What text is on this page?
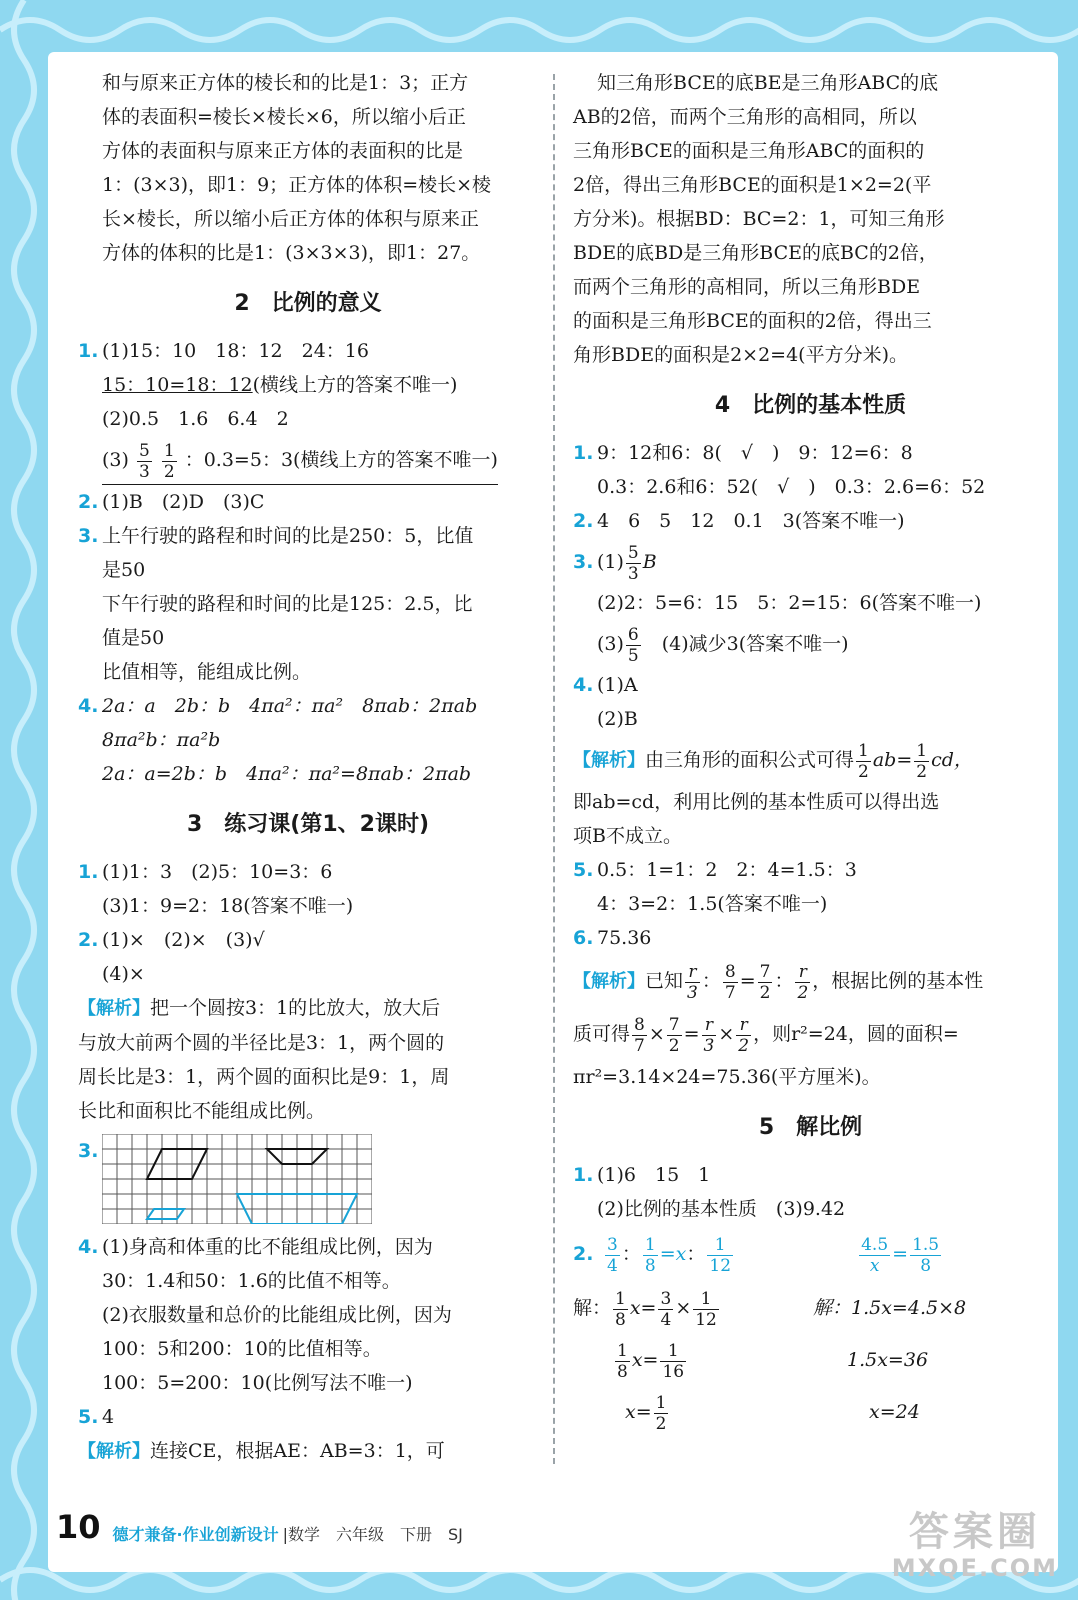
和与原来正方体的棱长和的比是1：3；正方
体的表面积=棱长×棱长×6，所以缩小后正
方体的表面积与原来正方体的表面积的比是
1：(3×3)，即1：9；正方体的体积=棱长×棱
长×棱长，所以缩小后正方体的体积与原来正
方体的体积的比是1：(3×3×3)，即1：27。
2　比例的意义
1. (1)15：10　18：12　24：16
15：10=18：12(横线上方的答案不唯一)
(2)0.5　1.6　6.4　2
$(3) \frac{5}{3}$
$\frac{1}{2}$ ：0.3=5：3(横线上方的答案不唯一)
2. (1)B　(2)D　(3)C
3. 上午行驶的路程和时间的比是250：5，比值
是50
下午行驶的路程和时间的比是125：2.5，比
值是50
比值相等，能组成比例。
4. 2a：a　2b：b　4πa²：πa²　8πab：2πab
8πa²b：πa²b
2a：a=2b：b　4πa²：πa²=8πab：2πab
3　练习课(第1、2课时)
1. (1)1：3　(2)5：10=3：6
(3)1：9=2：18(答案不唯一)
2. (1)×　(2)×　(3)√
(4)×
【解析】把一个圆按3：1的比放大，放大后
与放大前两个圆的半径比是3：1，两个圆的
周长比是3：1，两个圆的面积比是9：1，周
长比和面积比不能组成比例。
3.
4. (1)身高和体重的比不能组成比例，因为
30：1.4和50：1.6的比值不相等。
(2)衣服数量和总价的比能组成比例，因为
100：5和200：10的比值相等。
100：5=200：10(比例写法不唯一)
5. 4
【解析】连接CE，根据AE：AB=3：1，可
知三角形BCE的底BE是三角形ABC的底
AB的2倍，而两个三角形的高相同，所以
三角形BCE的面积是三角形ABC的面积的
2倍，得出三角形BCE的面积是1×2=2(平
方分米)。根据BD：BC=2：1，可知三角形
BDE的底BD是三角形BCE的底BC的2倍，
而两个三角形的高相同，所以三角形BDE
的面积是三角形BCE的面积的2倍，得出三
角形BDE的面积是2×2=4(平方分米)。
4　比例的基本性质
1. 9：12和6：8(　√　)　9：12=6：8
0.3：2.6和6：52(　√　)　0.3：2.6=6：52
2. 4　6　5　12　0.1　3(答案不唯一)
3. $(1) \frac{5}{3}$ B
(2)2：5=6：15　5：2=15：6(答案不唯一)
$(3) \frac{6}{5}$ 　(4)减少3(答案不唯一)
4. (1)A
(2)B
【解析】由三角形的面积公式可得 $\frac{1}{2} ab= \frac{1}{2}$ cd，
即ab=cd，利用比例的基本性质可以得出选
项B不成立。
5. 0.5：1=1：2　2：4=1.5：3
4：3=2：1.5(答案不唯一)
6. 75.36
【解析】已知 $\frac{r}{3}$ ： $\frac{8}{7} = \frac{7}{2}$ ： $\frac{r}{2}$ ，根据比例的基本性
质可得 $\frac{8}{7} \times \frac{7}{2} = \frac{r}{3} \times \frac{r}{2}$ ，则r²=24，圆的面积=
πr²=3.14×24=75.36(平方厘米)。
5　解比例
1. (1)6　15　1
(2)比例的基本性质　(3)9.42
2. $\frac{3}{4}$ ： $\frac{1}{8} =x$： $\frac{1}{12}$
	$\frac{4.5}{x} = \frac{1.5}{8}$
解： $\frac{1}{8} x= \frac{3}{4} \times \frac{1}{12}$
$\frac{1}{8} x= \frac{1}{16}$
$x= \frac{1}{2}$
解：1.5x=4.5×8
1.5x=36
x=24
10 德才兼备·作业创新设计 |数学　六年级　下册　SJ	答案圈
MXQE.COM
